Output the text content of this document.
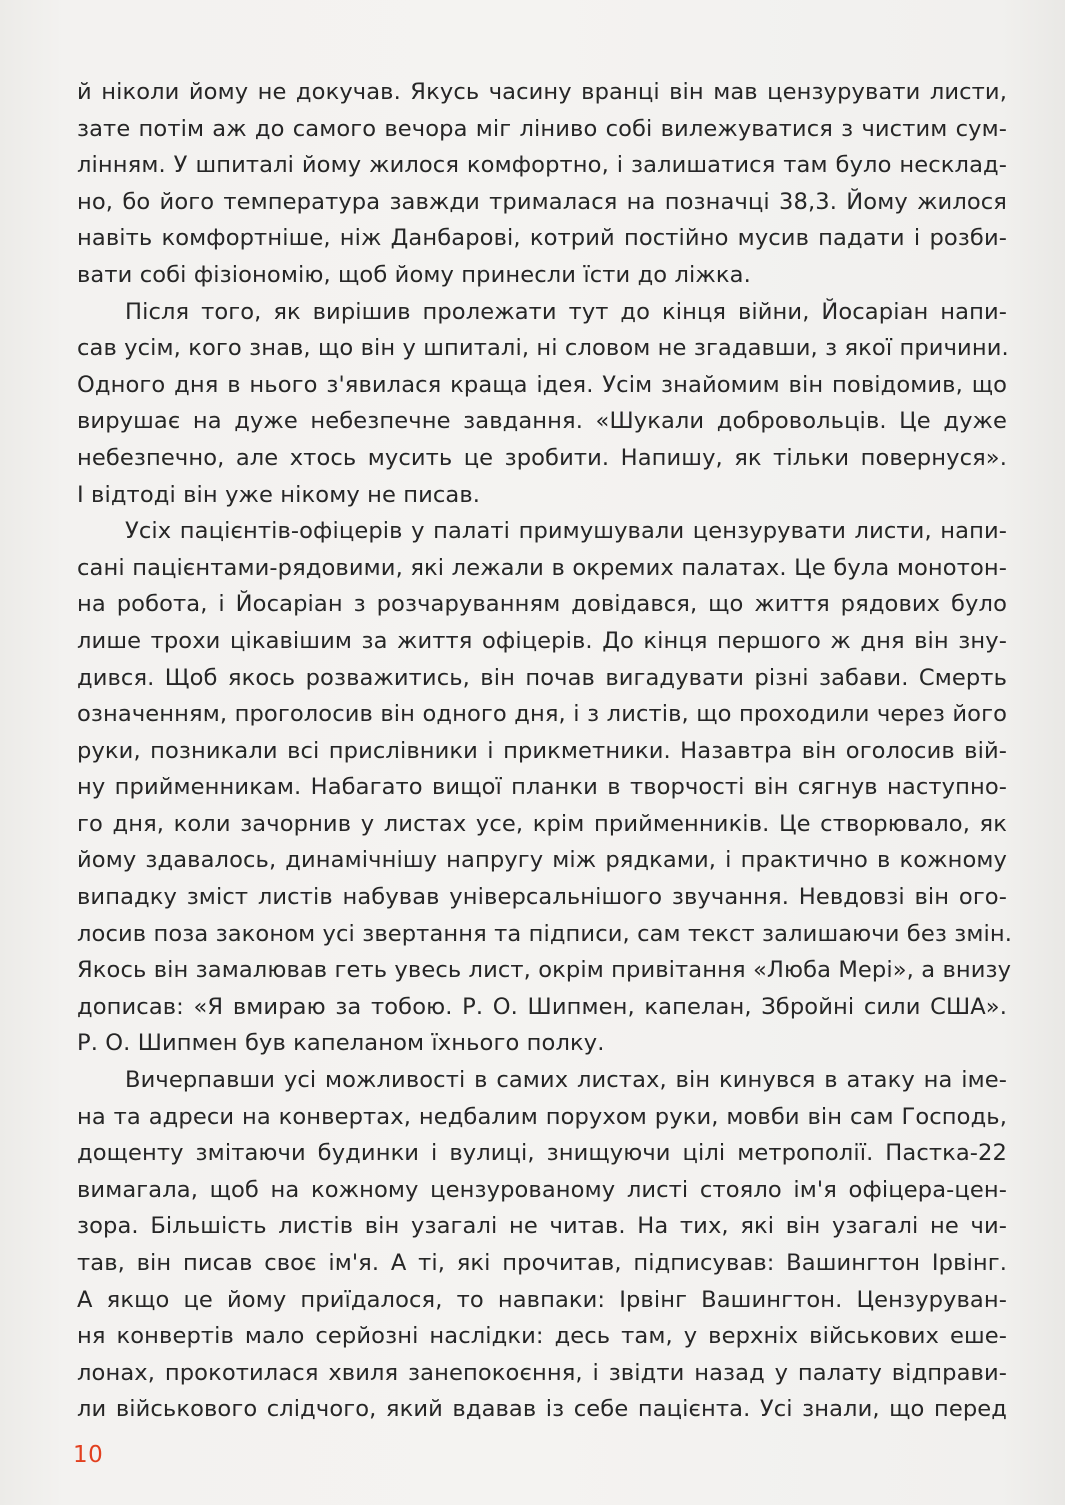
й ніколи йому не докучав. Якусь часину вранці він мав цензурувати листи,
зате потім аж до самого вечора міг ліниво собі вилежуватися з чистим сум-
лінням. У шпиталі йому жилося комфортно, і залишатися там було несклад-
но, бо його температура завжди трималася на позначці 38,3. Йому жилося
навіть комфортніше, ніж Данбарові, котрий постійно мусив падати і розби-
вати собі фізіономію, щоб йому принесли їсти до ліжка.
Після того, як вирішив пролежати тут до кінця війни, Йосаріан напи-
сав усім, кого знав, що він у шпиталі, ні словом не згадавши, з якої причини.
Одного дня в нього з'явилася краща ідея. Усім знайомим він повідомив, що
вирушає на дуже небезпечне завдання. «Шукали добровольців. Це дуже
небезпечно, але хтось мусить це зробити. Напишу, як тільки повернуся».
І відтоді він уже нікому не писав.
Усіх пацієнтів-офіцерів у палаті примушували цензурувати листи, напи-
сані пацієнтами-рядовими, які лежали в окремих палатах. Це була монотон-
на робота, і Йосаріан з розчаруванням довідався, що життя рядових було
лише трохи цікавішим за життя офіцерів. До кінця першого ж дня він зну-
дився. Щоб якось розважитись, він почав вигадувати різні забави. Смерть
означенням, проголосив він одного дня, і з листів, що проходили через його
руки, позникали всі прислівники і прикметники. Назавтра він оголосив вій-
ну прийменникам. Набагато вищої планки в творчості він сягнув наступно-
го дня, коли зачорнив у листах усе, крім прийменників. Це створювало, як
йому здавалось, динамічнішу напругу між рядками, і практично в кожному
випадку зміст листів набував універсальнішого звучання. Невдовзі він ого-
лосив поза законом усі звертання та підписи, сам текст залишаючи без змін.
Якось він замалював геть увесь лист, окрім привітання «Люба Мері», а внизу
дописав: «Я вмираю за тобою. Р. О. Шипмен, капелан, Збройні сили США».
Р. О. Шипмен був капеланом їхнього полку.
Вичерпавши усі можливості в самих листах, він кинувся в атаку на іме-
на та адреси на конвертах, недбалим порухом руки, мовби він сам Господь,
дощенту змітаючи будинки і вулиці, знищуючи цілі метрополії. Пастка-22
вимагала, щоб на кожному цензурованому листі стояло ім'я офіцера-цен-
зора. Більшість листів він узагалі не читав. На тих, які він узагалі не чи-
тав, він писав своє ім'я. А ті, які прочитав, підписував: Вашингтон Ірвінг.
А якщо це йому приїдалося, то навпаки: Ірвінг Вашингтон. Цензуруван-
ня конвертів мало серйозні наслідки: десь там, у верхніх військових еше-
лонах, прокотилася хвиля занепокоєння, і звідти назад у палату відправи-
ли військового слідчого, який вдавав із себе пацієнта. Усі знали, що перед
10
